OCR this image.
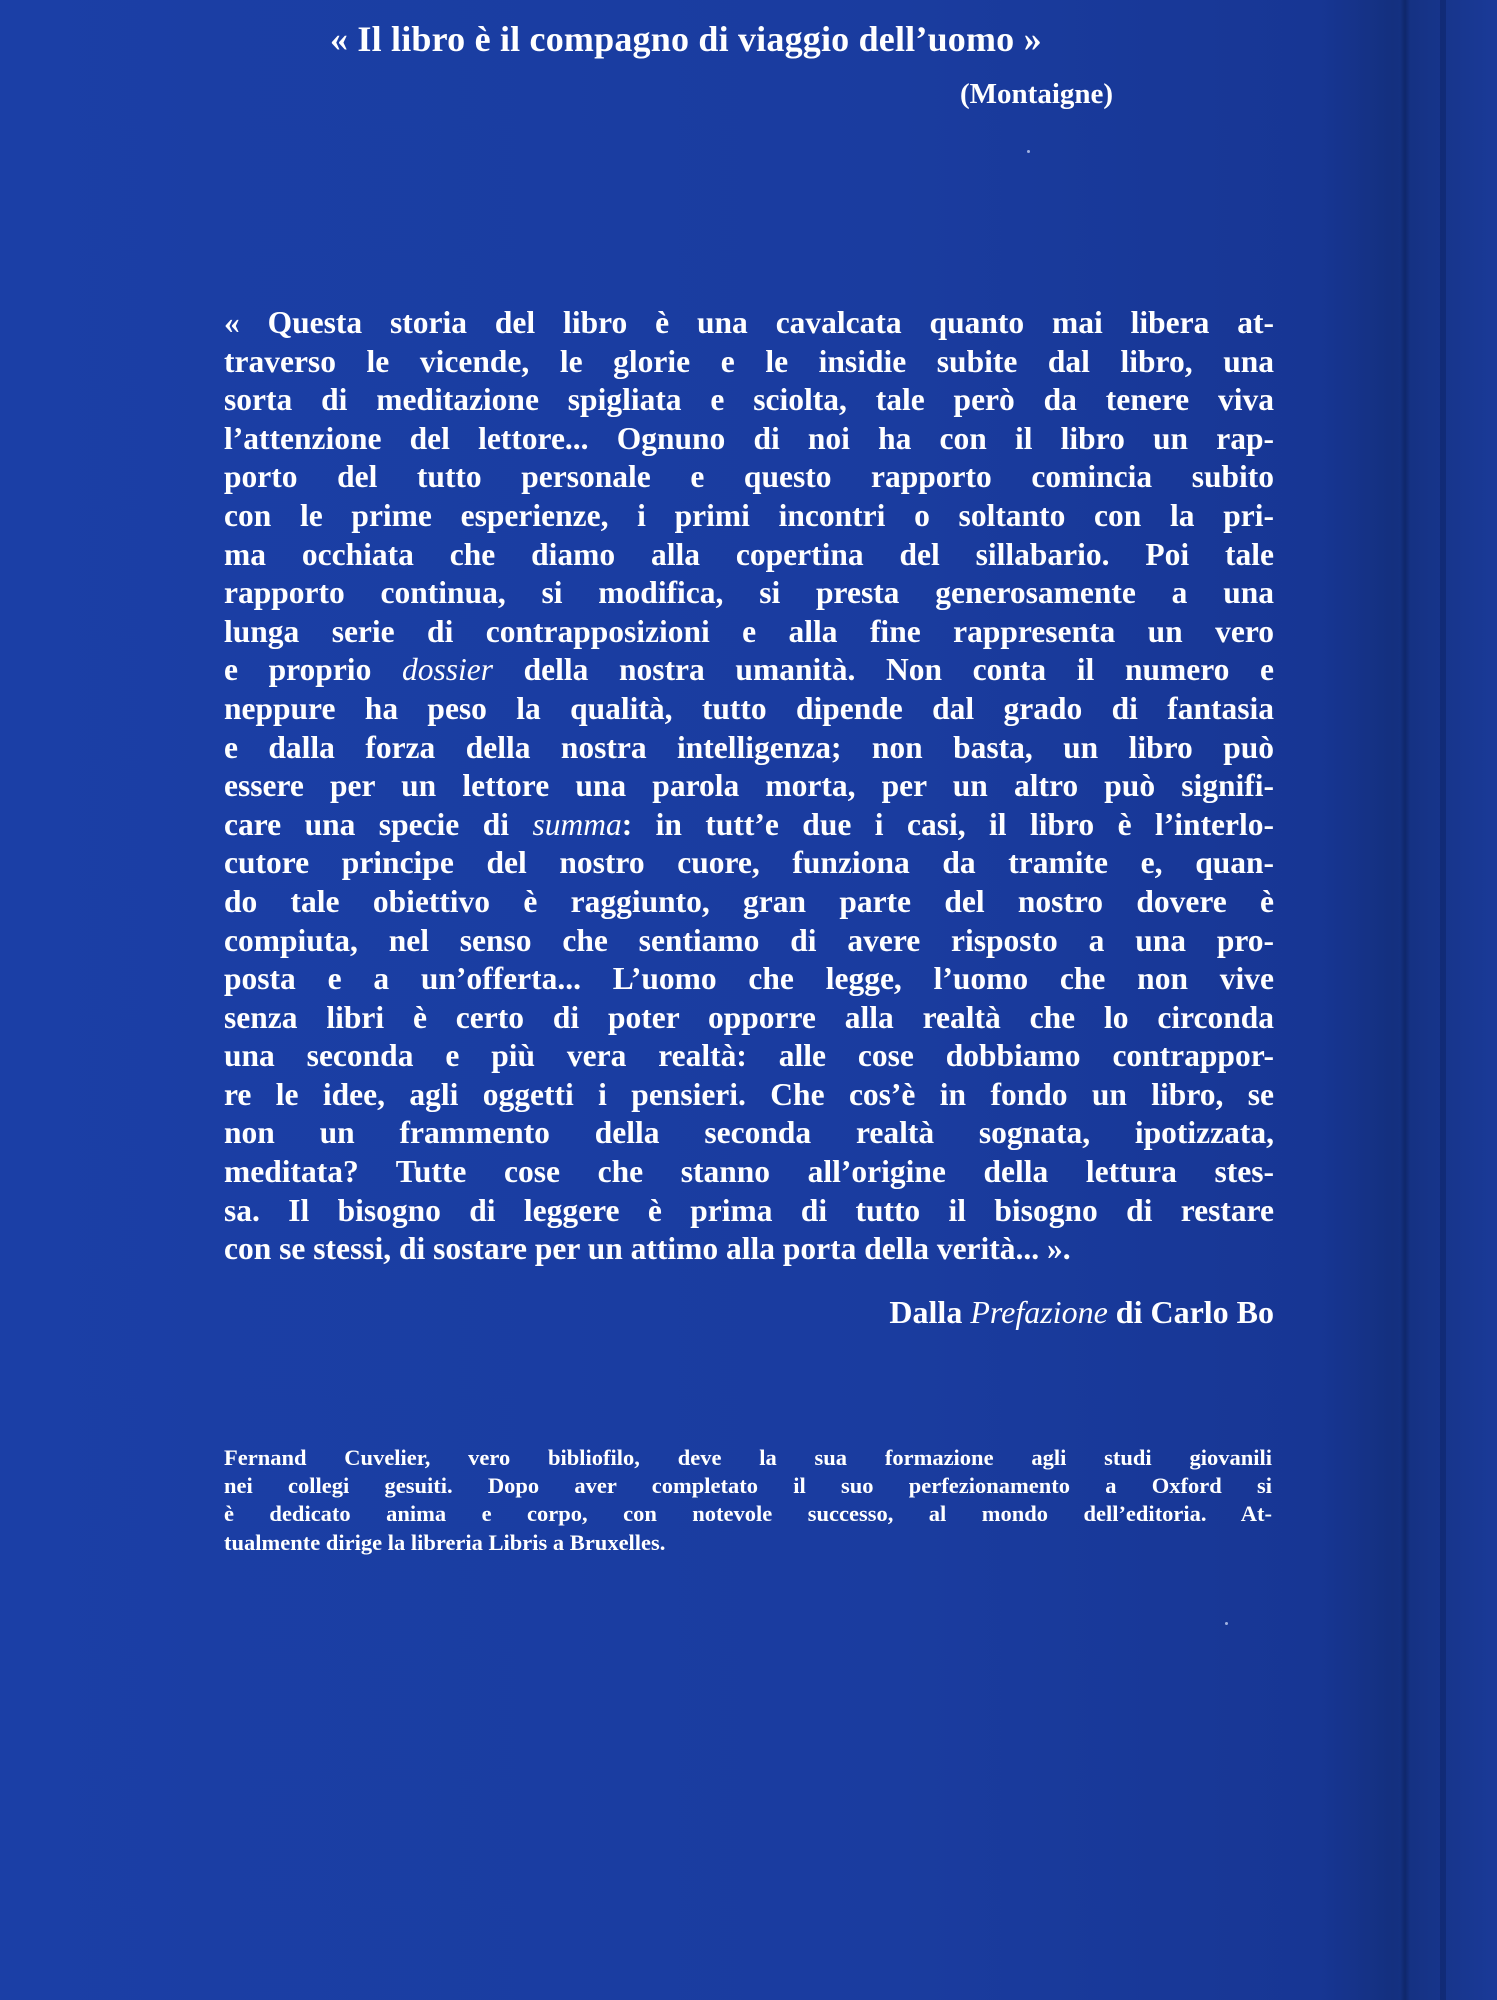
« Il libro è il compagno di viaggio dell’uomo »
(Montaigne)
« Questa storia del libro è una cavalcata quanto mai libera at-
traverso le vicende, le glorie e le insidie subite dal libro, una
sorta di meditazione spigliata e sciolta, tale però da tenere viva
l’attenzione del lettore... Ognuno di noi ha con il libro un rap-
porto del tutto personale e questo rapporto comincia subito
con le prime esperienze, i primi incontri o soltanto con la pri-
ma occhiata che diamo alla copertina del sillabario. Poi tale
rapporto continua, si modifica, si presta generosamente a una
lunga serie di contrapposizioni e alla fine rappresenta un vero
e proprio dossier della nostra umanità. Non conta il numero e
neppure ha peso la qualità, tutto dipende dal grado di fantasia
e dalla forza della nostra intelligenza; non basta, un libro può
essere per un lettore una parola morta, per un altro può signifi-
care una specie di summa: in tutt’e due i casi, il libro è l’interlo-
cutore principe del nostro cuore, funziona da tramite e, quan-
do tale obiettivo è raggiunto, gran parte del nostro dovere è
compiuta, nel senso che sentiamo di avere risposto a una pro-
posta e a un’offerta... L’uomo che legge, l’uomo che non vive
senza libri è certo di poter opporre alla realtà che lo circonda
una seconda e più vera realtà: alle cose dobbiamo contrappor-
re le idee, agli oggetti i pensieri. Che cos’è in fondo un libro, se
non un frammento della seconda realtà sognata, ipotizzata,
meditata? Tutte cose che stanno all’origine della lettura stes-
sa. Il bisogno di leggere è prima di tutto il bisogno di restare
con se stessi, di sostare per un attimo alla porta della verità... ».
Dalla Prefazione di Carlo Bo
Fernand Cuvelier, vero bibliofilo, deve la sua formazione agli studi giovanili
nei collegi gesuiti. Dopo aver completato il suo perfezionamento a Oxford si
è dedicato anima e corpo, con notevole successo, al mondo dell’editoria. At-
tualmente dirige la libreria Libris a Bruxelles.
